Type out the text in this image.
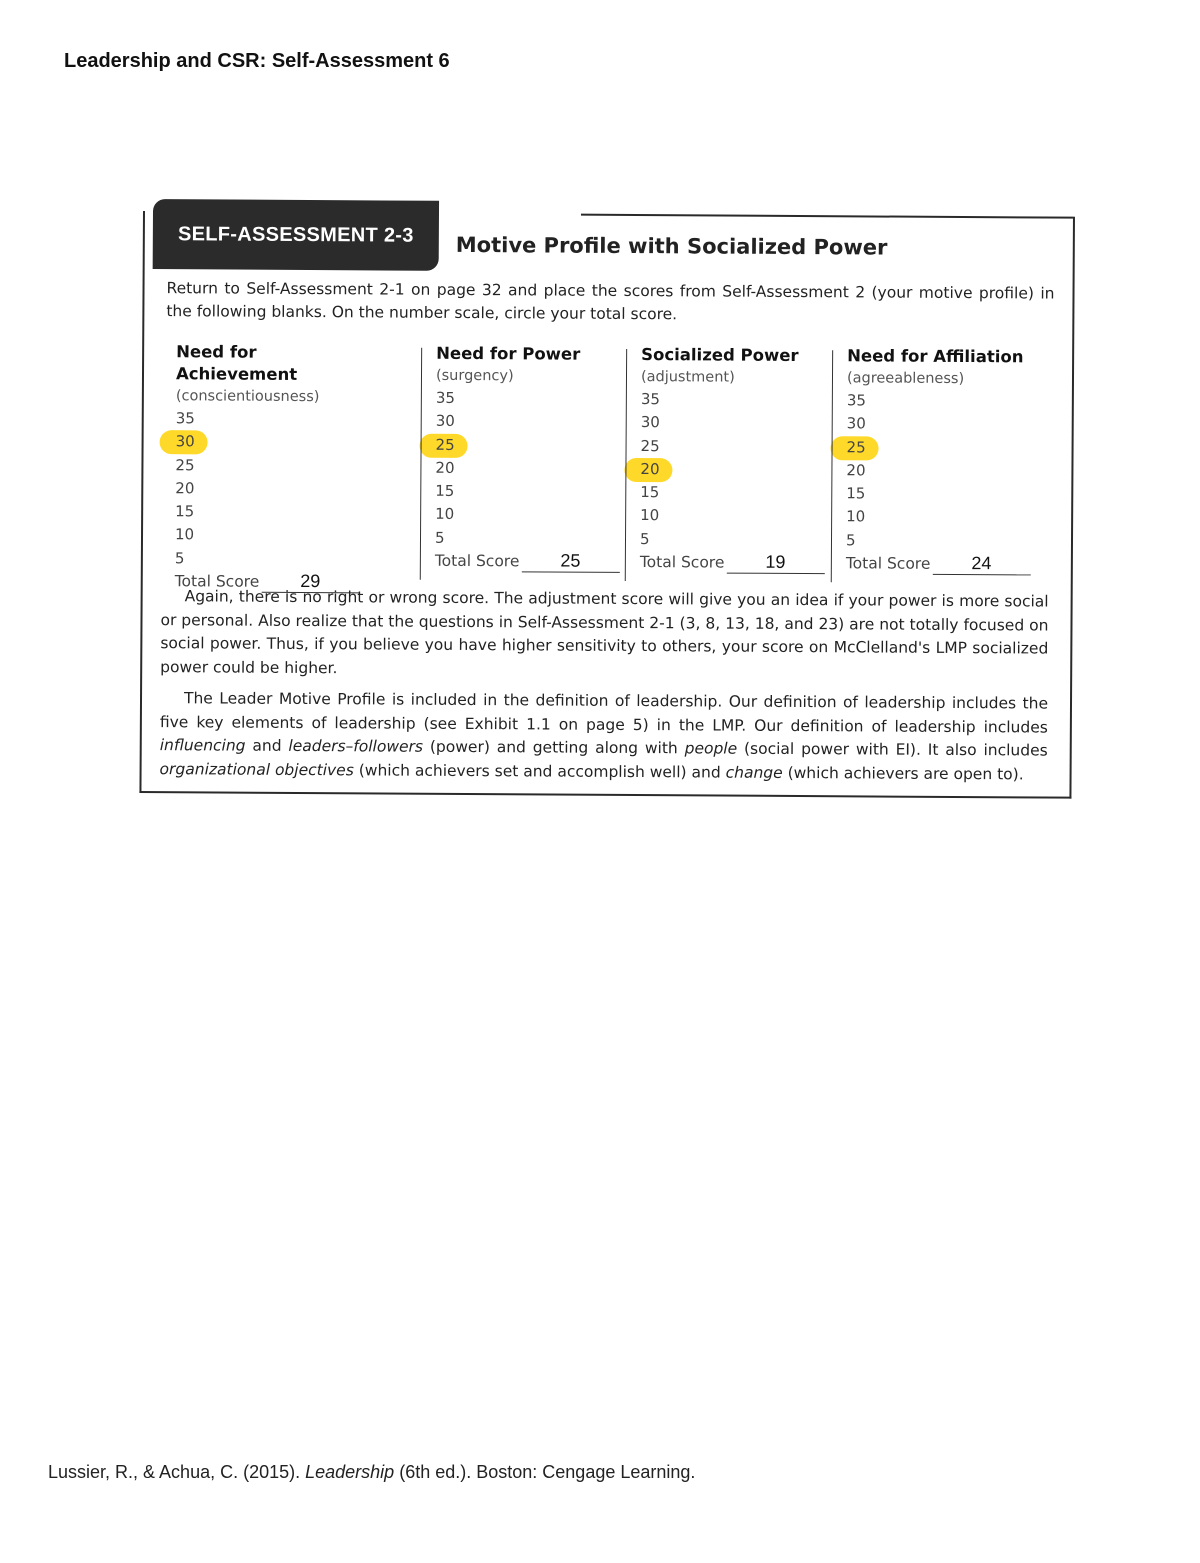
Leadership and CSR: Self-Assessment 6
SELF-ASSESSMENT 2-3	Motive Profile with Socialized Power
Return to Self-Assessment 2-1 on page 32 and place the scores from Self-Assessment 2 (your motive profile) in the following blanks. On the number scale, circle your total score.
Need for Achievement
(conscientiousness)
35
30
25
20
15
10
5
Total Score 29
Need for Power
(surgency)
35
30
25
20
15
10
5
Total Score 25
Socialized Power
(adjustment)
35
30
25
20
15
10
5
Total Score 19
Need for Affiliation
(agreeableness)
35
30
25
20
15
10
5
Total Score 24
Again, there is no right or wrong score. The adjustment score will give you an idea if your power is more social or personal. Also realize that the questions in Self-Assessment 2-1 (3, 8, 13, 18, and 23) are not totally focused on social power. Thus, if you believe you have higher sensitivity to others, your score on McClelland's LMP socialized power could be higher.
The Leader Motive Profile is included in the definition of leadership. Our definition of leadership includes the five key elements of leadership (see Exhibit 1.1 on page 5) in the LMP. Our definition of leadership includes influencing and leaders–followers (power) and getting along with people (social power with EI). It also includes organizational objectives (which achievers set and accomplish well) and change (which achievers are open to).
Lussier, R., & Achua, C. (2015). Leadership (6th ed.). Boston: Cengage Learning.
